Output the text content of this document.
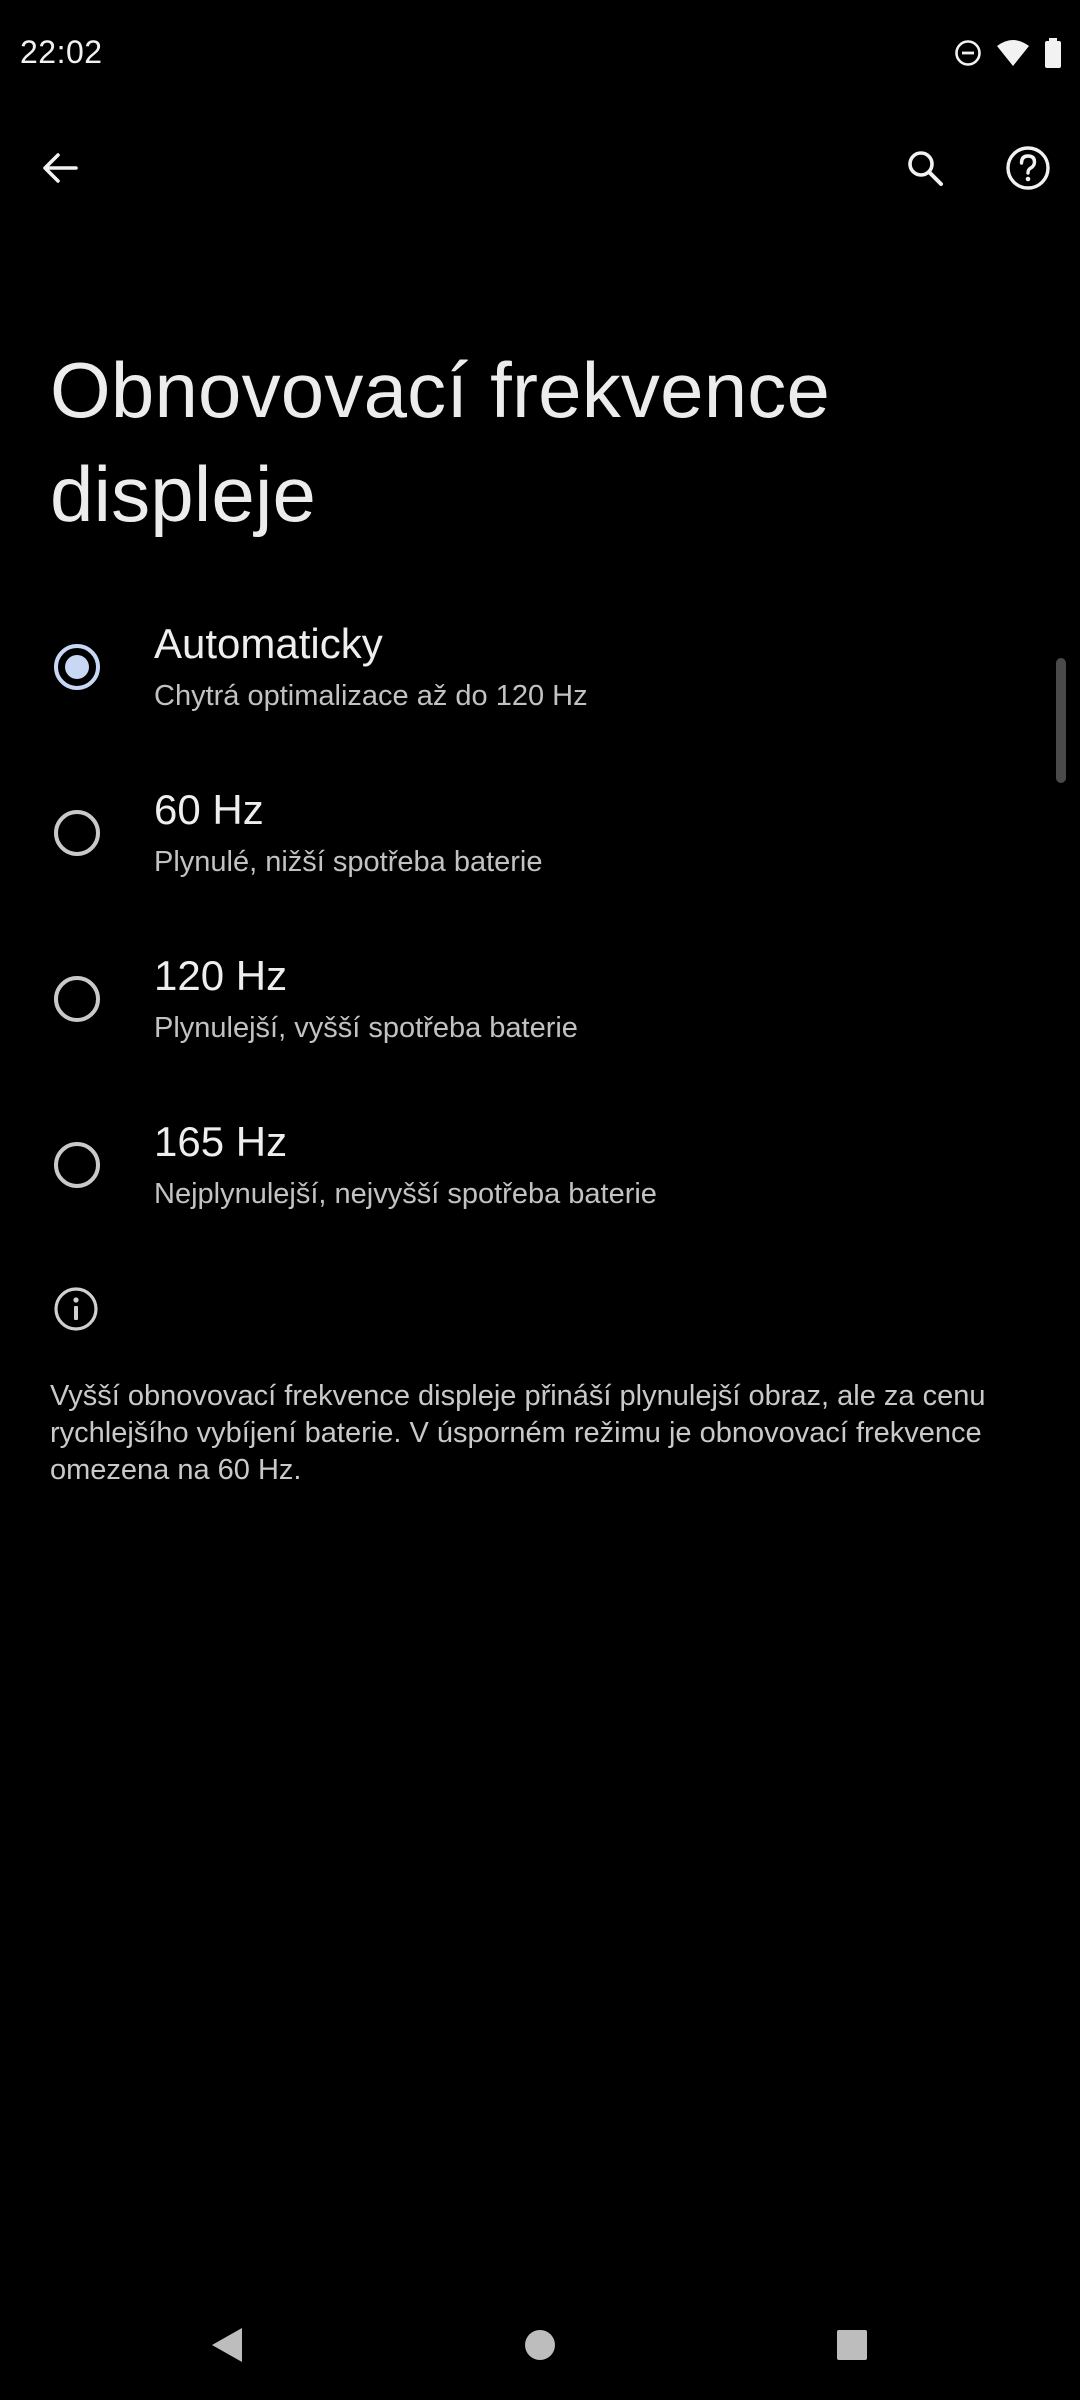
22:02
Obnovovací frekvence
displeje
Automaticky
Chytrá optimalizace až do 120 Hz
60 Hz
Plynulé, nižší spotřeba baterie
120 Hz
Plynulejší, vyšší spotřeba baterie
165 Hz
Nejplynulejší, nejvyšší spotřeba baterie

Vyšší obnovovací frekvence displeje přináší plynulejší obraz, ale za cenu rychlejšího vybíjení baterie. V úsporném režimu je obnovovací frekvence omezena na 60 Hz.
